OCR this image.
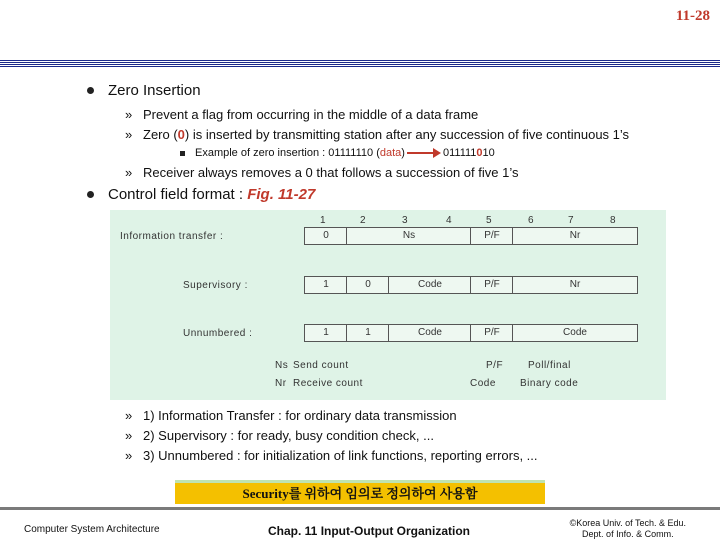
11-28
Zero Insertion
» Prevent a flag from occurring in the middle of a data frame
» Zero (0) is inserted by transmitting station after any succession of five continuous 1’s
Example of zero insertion : 01111110 (data)	011111010
» Receiver always removes a 0 that follows a succession of five 1’s
Control field format : Fig. 11-27
1	2	3	4	5	6	7	8
Information transfer :	0	Ns	P/F	Nr
Supervisory :	1	0	Code	P/F	Nr
Unnumbered :	1	1	Code	P/F	Code
Ns Send count
Nr Receive count
P/F Poll/final
Code Binary code
» 1) Information Transfer : for ordinary data transmission
» 2) Supervisory : for ready, busy condition check, ...
» 3) Unnumbered : for initialization of link functions, reporting errors, ...
Security를 위하여 임의로 정의하여 사용함
Computer System Architecture	Chap. 11 Input-Output Organization
©Korea Univ. of Tech. & Edu.
Dept. of Info. & Comm.
